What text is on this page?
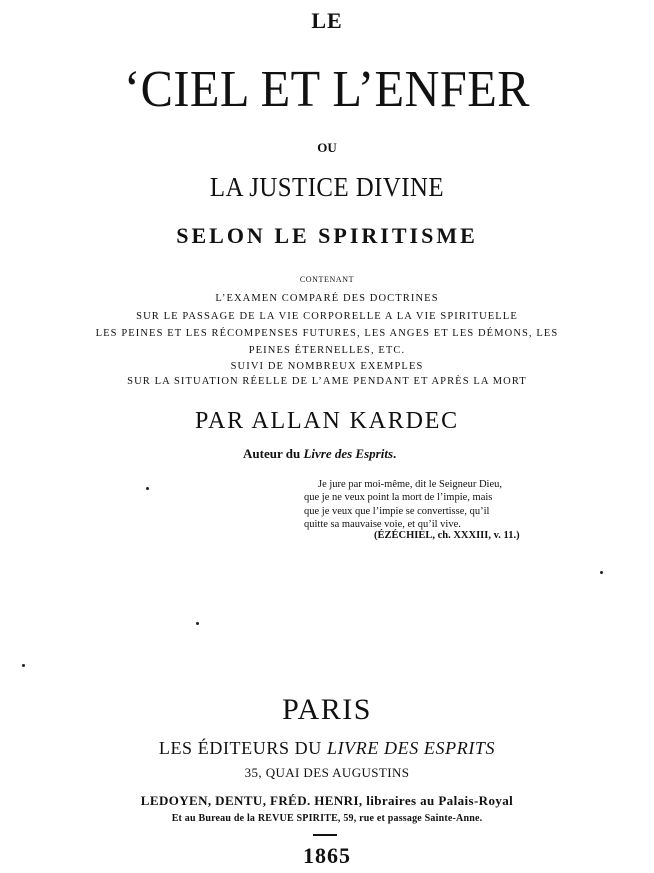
LE
‘CIEL ET L’ENFER
OU
LA JUSTICE DIVINE
SELON LE SPIRITISME
CONTENANT
L’EXAMEN COMPARÉ DES DOCTRINES
SUR LE PASSAGE DE LA VIE CORPORELLE A LA VIE SPIRITUELLE
LES PEINES ET LES RÉCOMPENSES FUTURES, LES ANGES ET LES DÉMONS, LES
PEINES ÉTERNELLES, ETC.
SUIVI DE NOMBREUX EXEMPLES
SUR LA SITUATION RÉELLE DE L’AME PENDANT ET APRÈS LA MORT
PAR ALLAN KARDEC
Auteur du Livre des Esprits.
Je jure par moi-même, dit le Seigneur Dieu,
que je ne veux point la mort de l’impie, mais
que je veux que l’impie se convertisse, qu’il
quitte sa mauvaise voie, et qu’il vive.
(ÉZÉCHIEL, ch. XXXIII, v. 11.)
PARIS
LES ÉDITEURS DU LIVRE DES ESPRITS
35, QUAI DES AUGUSTINS
LEDOYEN, DENTU, FRÉD. HENRI, libraires au Palais-Royal
Et au Bureau de la REVUE SPIRITE, 59, rue et passage Sainte-Anne.
1865
